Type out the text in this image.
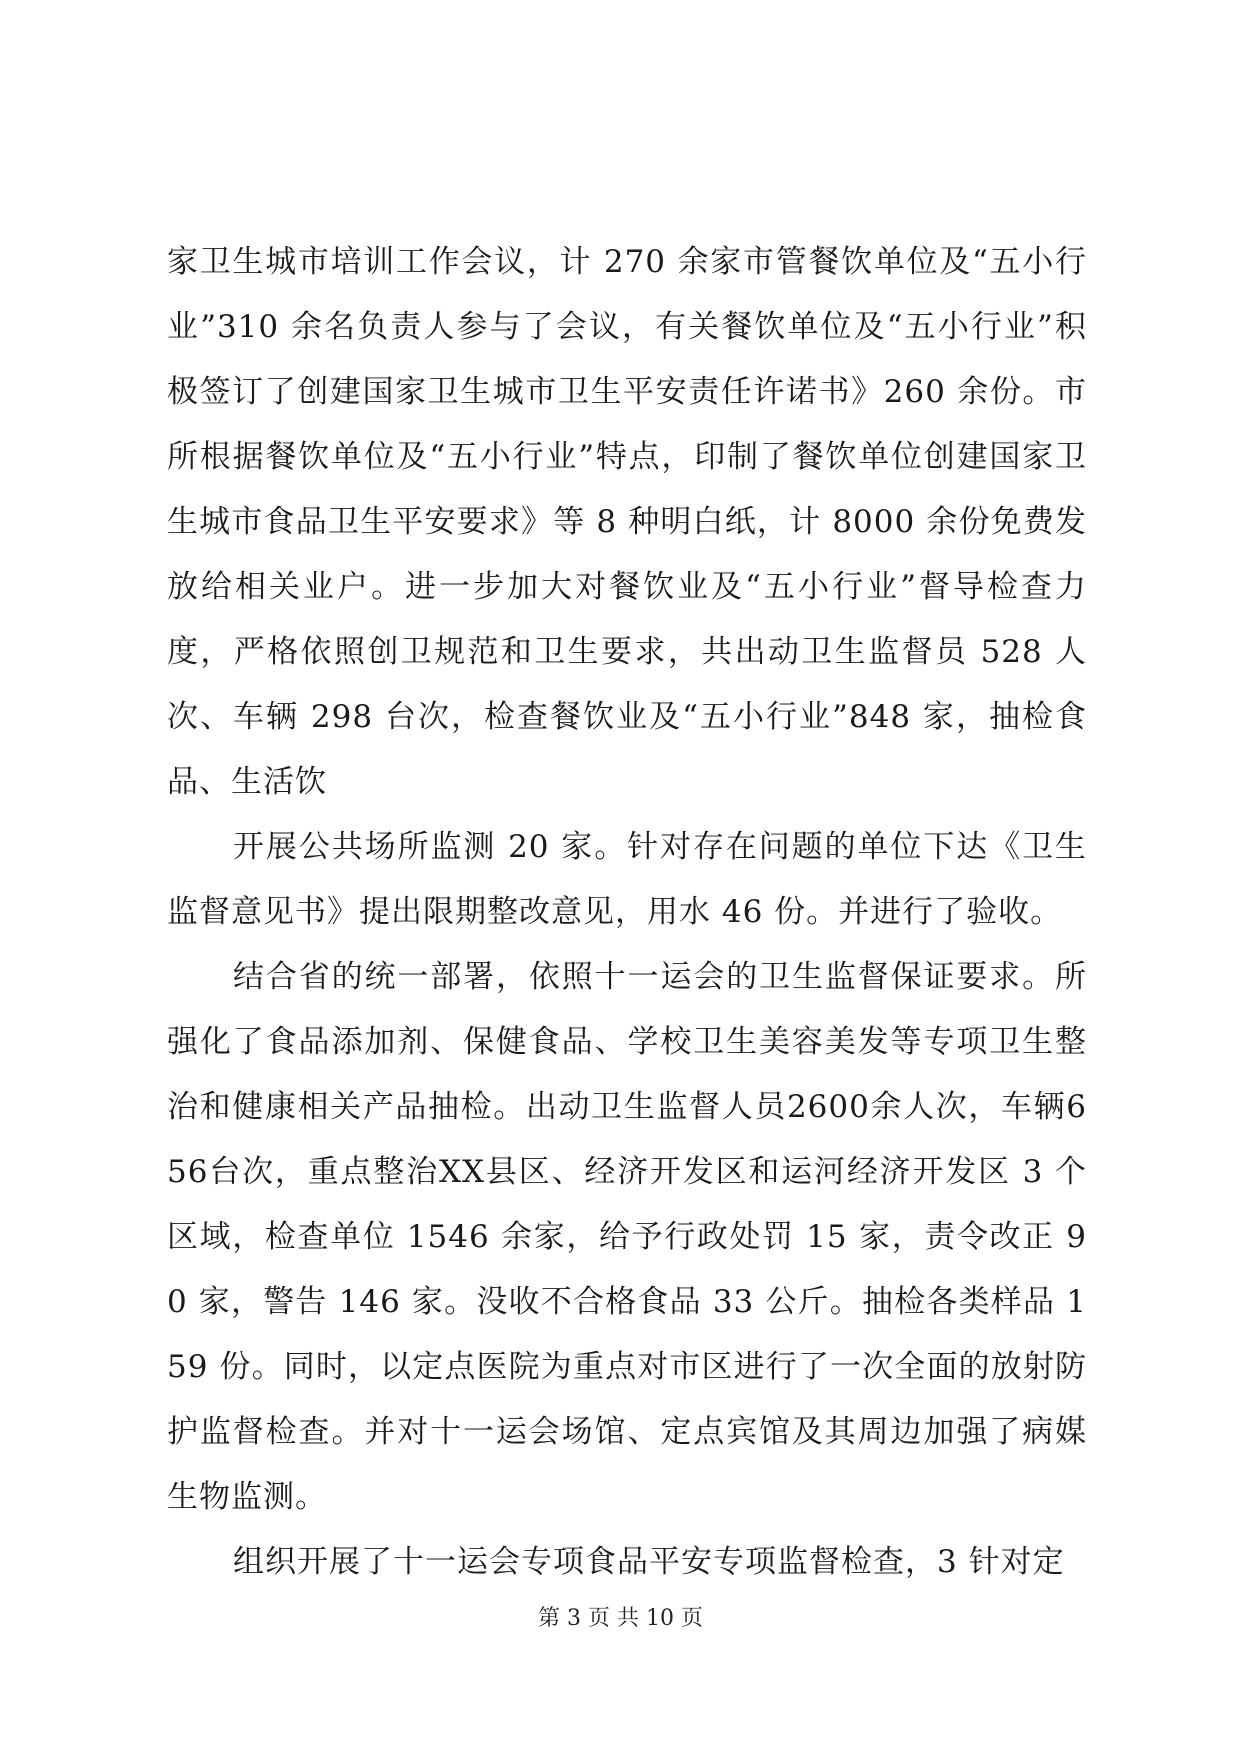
家卫生城市培训工作会议，计 270 余家市管餐饮单位及“五小行业”310 余名负责人参与了会议，有关餐饮单位及“五小行业”积极签订了创建国家卫生城市卫生平安责任许诺书》260 余份。市所根据餐饮单位及“五小行业”特点，印制了餐饮单位创建国家卫生城市食品卫生平安要求》等 8 种明白纸，计 8000 余份免费发放给相关业户。进一步加大对餐饮业及“五小行业”督导检查力度，严格依照创卫规范和卫生要求，共出动卫生监督员 528 人次、车辆 298 台次，检查餐饮业及“五小行业”848 家，抽检食品、生活饮

开展公共场所监测 20 家。针对存在问题的单位下达《卫生监督意见书》提出限期整改意见，用水 46 份。并进行了验收。

结合省的统一部署，依照十一运会的卫生监督保证要求。所强化了食品添加剂、保健食品、学校卫生美容美发等专项卫生整治和健康相关产品抽检。出动卫生监督人员2600余人次，车辆656台次，重点整治XX县区、经济开发区和运河经济开发区 3 个区域，检查单位 1546 余家，给予行政处罚 15 家，责令改正 90 家，警告 146 家。没收不合格食品 33 公斤。抽检各类样品 159 份。同时，以定点医院为重点对市区进行了一次全面的放射防护监督检查。并对十一运会场馆、定点宾馆及其周边加强了病媒生物监测。

组织开展了十一运会专项食品平安专项监督检查，3 针对定

第 3 页 共 10 页
